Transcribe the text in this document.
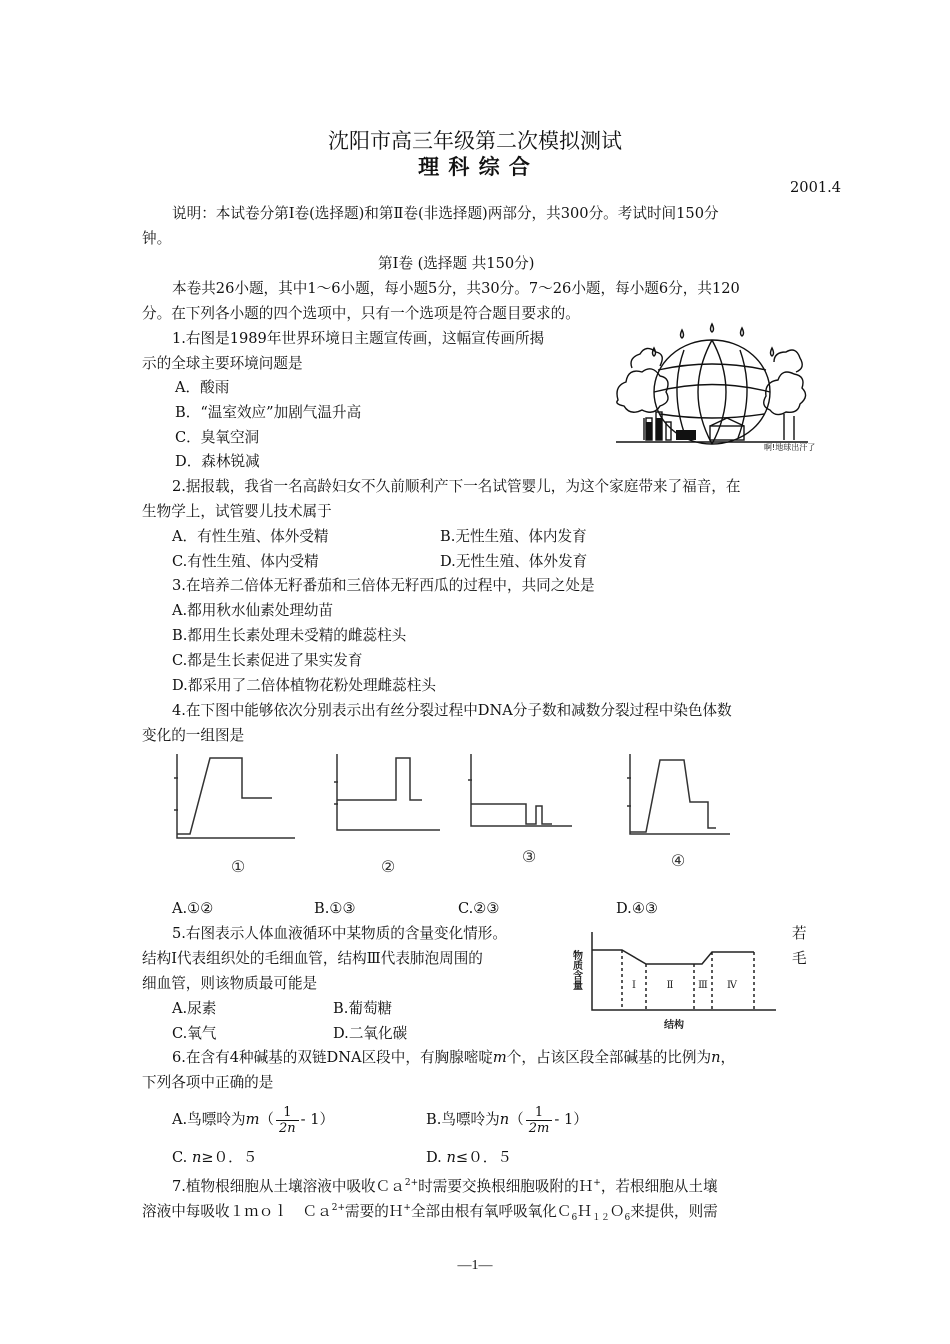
沈阳市高三年级第二次模拟测试
理 科 综 合
2001.4
说明：本试卷分第Ⅰ卷(选择题)和第Ⅱ卷(非选择题)两部分，共300分。考试时间150分
钟。
第Ⅰ卷 (选择题 共150分)
本卷共26小题，其中1～6小题，每小题5分，共30分。7～26小题，每小题6分，共120
分。在下列各小题的四个选项中，只有一个选项是符合题目要求的。
1.右图是1989年世界环境日主题宣传画，这幅宣传画所揭
示的全球主要环境问题是
A．酸雨
B．“温室效应”加剧气温升高
C．臭氧空洞
D．森林锐减
啊!地球出汗了
2.据报载，我省一名高龄妇女不久前顺利产下一名试管婴儿，为这个家庭带来了福音，在
生物学上，试管婴儿技术属于
A．有性生殖、体外受精	B.无性生殖、体内发育
C.有性生殖、体内受精	D.无性生殖、体外发育
3.在培养二倍体无籽番茄和三倍体无籽西瓜的过程中，共同之处是
A.都用秋水仙素处理幼苗
B.都用生长素处理未受精的雌蕊柱头
C.都是生长素促进了果实发育
D.都采用了二倍体植物花粉处理雌蕊柱头
4.在下图中能够依次分别表示出有丝分裂过程中DNA分子数和减数分裂过程中染色体数
变化的一组图是
①	②
③	④
A.①②	B.①③	C.②③	D.④③
5.右图表示人体血液循环中某物质的含量变化情形。	若
结构Ⅰ代表组织处的毛细血管，结构Ⅲ代表肺泡周围的	毛
细血管，则该物质最可能是
A.尿素	B.葡萄糖
C.氧气	D.二氧化碳
物质含量	Ⅰ	Ⅱ Ⅲ Ⅳ
结构
6.在含有4种碱基的双链DNA区段中，有胸腺嘧啶m个，占该区段全部碱基的比例为n，
下列各项中正确的是
A.鸟嘌呤为$m( \frac{1}{2n} - 1)$	B.鸟嘌呤为$n( \frac{1}{2m} - 1)$
C. n≥０．５	D. n≤０．５
7.植物根细胞从土壤溶液中吸收Ｃａ$^{2+}$时需要交换根细胞吸附的Ｈ+，若根细胞从土壤
溶液中每吸收１ｍｏｌ　Ｃａ$^{2+}$需要的Ｈ+全部由根有氧呼吸氧化Ｃ$_6$Ｈ$_{12}$Ｏ$_6$来提供，则需
—1—
